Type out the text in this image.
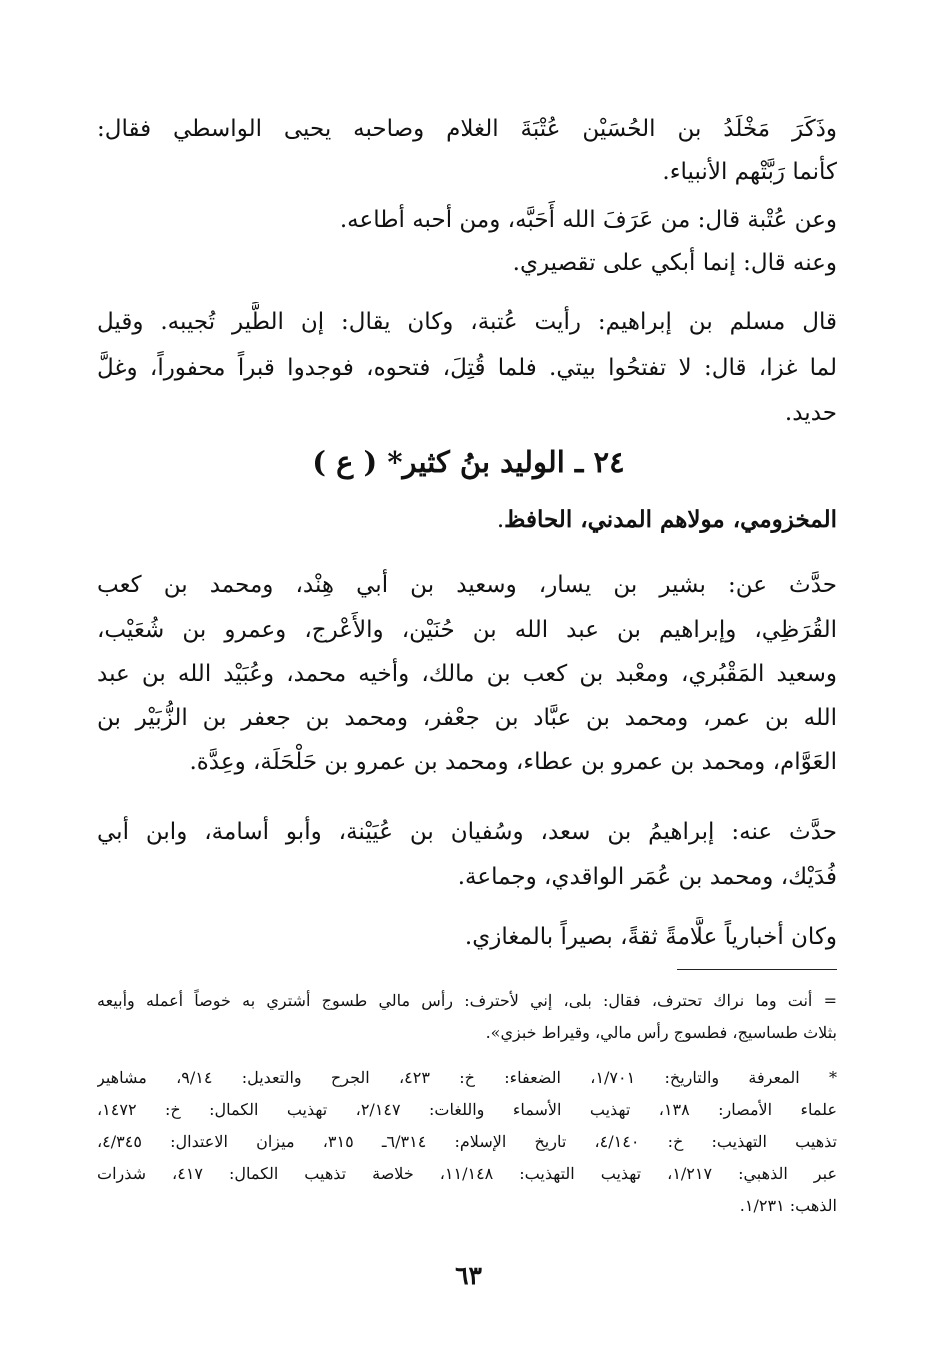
وذَكَرَ مَخْلَدُ بن الحُسَيْن عُتْبَةَ الغلام وصاحبه يحيى الواسطي فقال:
كأنما رَبَّتْهم الأنبياء.
وعن عُتْبة قال: من عَرَفَ الله أَحَبَّه، ومن أحبه أطاعه.
وعنه قال: إنما أبكي على تقصيري.
قال مسلم بن إبراهيم: رأيت عُتبة، وكان يقال: إن الطَّير تُجيبه. وقيل
لما غزا، قال: لا تفتحُوا بيتي. فلما قُتِلَ، فتحوه، فوجدوا قبراً محفوراً، وغلَّ
حديد.
٢٤ ـ الوليد بنُ كثير* ( ع )
المخزومي، مولاهم المدني، الحافظ.
حدَّث عن: بشير بن يسار، وسعيد بن أبي هِنْد، ومحمد بن كعب
القُرَظِي، وإبراهيم بن عبد الله بن حُنَيْن، والأَعْرج، وعمرو بن شُعَيْب،
وسعيد المَقْبُري، ومعْبد بن كعب بن مالك، وأخيه محمد، وعُبَيْد الله بن عبد
الله بن عمر، ومحمد بن عبَّاد بن جعْفر، ومحمد بن جعفر بن الزُّبَيْر بن
العَوَّام، ومحمد بن عمرو بن عطاء، ومحمد بن عمرو بن حَلْحَلَة، وعِدَّة.
حدَّث عنه: إبراهيمُ بن سعد، وسُفيان بن عُيَيْنة، وأبو أسامة، وابن أبي
فُدَيْك، ومحمد بن عُمَر الواقدي، وجماعة.
وكان أخبارياً علَّامةً ثقةً، بصيراً بالمغازي.
= أنت وما نراك تحترف، فقال: بلى، إني لأحترف: رأس مالي طسوج أشتري به خوصاً أعمله وأبيعه
بثلاث طساسيج، فطسوج رأس مالي، وقيراط خبزي».
* المعرفة والتاريخ: ١/٧٠١، الضعفاء: خ: ٤٢٣، الجرح والتعديل: ٩/١٤، مشاهير
علماء الأمصار: ١٣٨، تهذيب الأسماء واللغات: ٢/١٤٧، تهذيب الكمال: خ: ١٤٧٢،
تذهيب التهذيب: خ: ٤/١٤٠، تاريخ الإسلام: ٦/٣١٤ـ ٣١٥، ميزان الاعتدال: ٤/٣٤٥،
عبر الذهبي: ١/٢١٧، تهذيب التهذيب: ١١/١٤٨، خلاصة تذهيب الكمال: ٤١٧، شذرات
الذهب: ١/٢٣١.
٦٣
